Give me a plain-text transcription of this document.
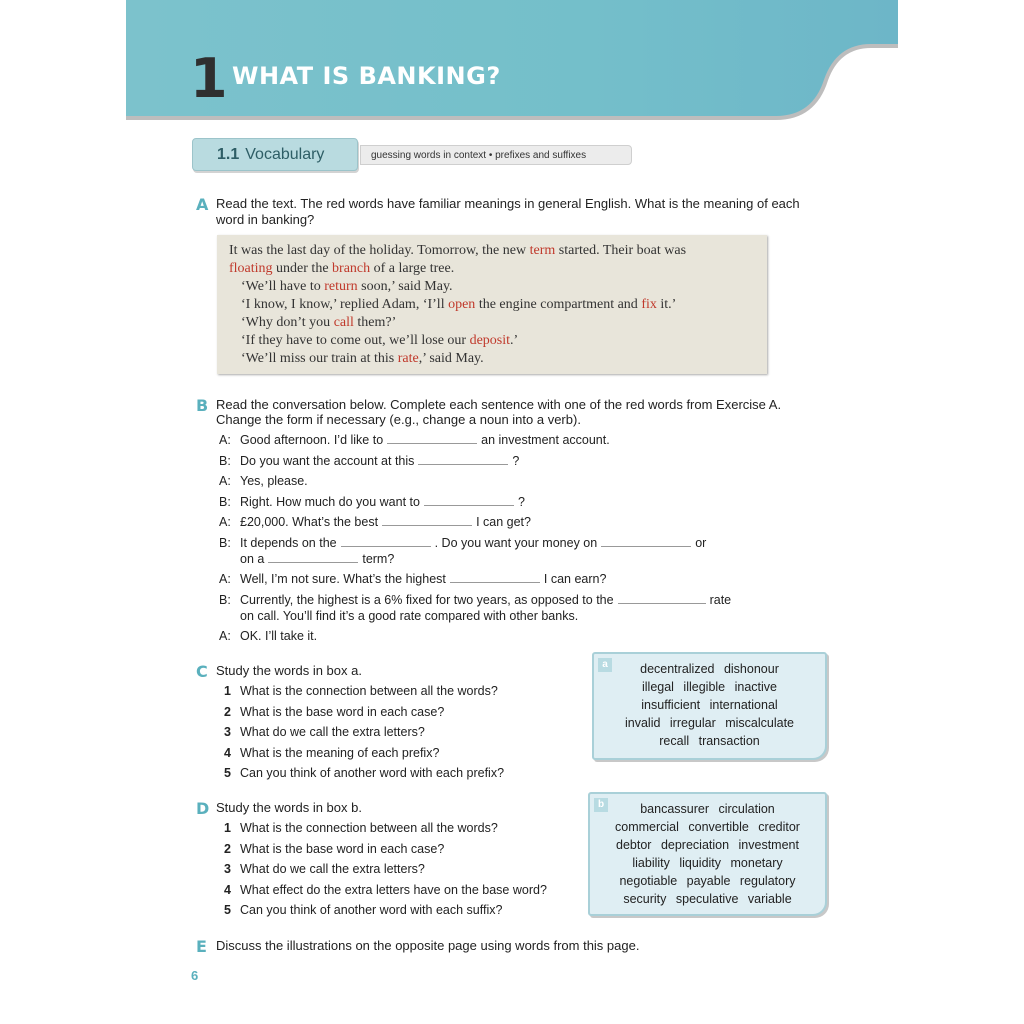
1 WHAT IS BANKING?
1.1 Vocabulary	guessing words in context • prefixes and suffixes
A Read the text. The red words have familiar meanings in general English. What is the meaning of each
word in banking?
It was the last day of the holiday. Tomorrow, the new term started. Their boat was
floating under the branch of a large tree.
‘We’ll have to return soon,’ said May.
‘I know, I know,’ replied Adam, ‘I’ll open the engine compartment and fix it.’
‘Why don’t you call them?’
‘If they have to come out, we’ll lose our deposit.’
‘We’ll miss our train at this rate,’ said May.
B Read the conversation below. Complete each sentence with one of the red words from Exercise A.
Change the form if necessary (e.g., change a noun into a verb).
A: Good afternoon. I’d like to	an investment account.
B: Do you want the account at this	?
A: Yes, please.
B: Right. How much do you want to	?
A: £20,000. What’s the best	I can get?
B: It depends on the	. Do you want your money on	or
on a	term?
A: Well, I’m not sure. What’s the highest	I can earn?
B: Currently, the highest is a 6% fixed for two years, as opposed to the	rate
on call. You’ll find it’s a good rate compared with other banks.
A: OK. I’ll take it.
C Study the words in box a.
1 What is the connection between all the words?
2 What is the base word in each case?
3 What do we call the extra letters?
4 What is the meaning of each prefix?
5 Can you think of another word with each prefix?
a	decentralized dishonour
illegal illegible inactive
insufficient international
invalid irregular miscalculate
recall transaction
D Study the words in box b.
1 What is the connection between all the words?
2 What is the base word in each case?
3 What do we call the extra letters?
4 What effect do the extra letters have on the base word?
5 Can you think of another word with each suffix?
b	bancassurer circulation
commercial convertible creditor
debtor depreciation investment
liability liquidity monetary
negotiable payable regulatory
security speculative variable
E Discuss the illustrations on the opposite page using words from this page.
6
